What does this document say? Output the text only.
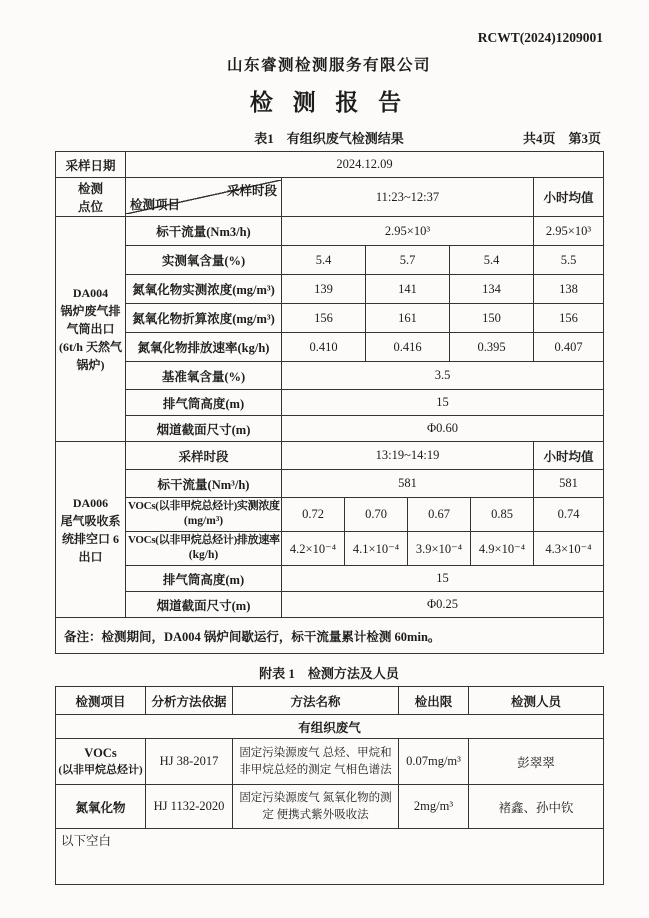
RCWT(2024)1209001
山东睿测检测服务有限公司
检 测 报 告
表1　有组织废气检测结果	共4页　第3页
采样日期	2024.12.09							

检测
点位

采样时段
检测项目
	11:23~12:37	小时均值

DA004
锅炉废气排
气筒出口
(6t/h 天然气
锅炉)	标干流量(Nm3/h)	2.95×10³						2.95×10³
	实测氧含量(%)	5.4		5.7		5.4		5.5
	氮氧化物实测浓度(mg/m³)	139		141		134		138
	氮氧化物折算浓度(mg/m³)	156		161		150		156
	氮氧化物排放速率(kg/h)	0.410		0.416		0.395		0.407
	基准氧含量(%)	3.5						
	排气筒高度(m)	15						
	烟道截面尺寸(m)	Φ0.60						

DA006
尾气吸收系
统排空口 6
出口	采样时段	13:19~14:19						小时均值
	标干流量(Nm³/h)	581						581

	VOCs(以非甲烷总烃计)实测浓度
(mg/m³)	0.72	0.70		0.67		0.85	0.74

	VOCs(以非甲烷总烃计)排放速率
(kg/h)	4.2×10⁻⁴	4.1×10⁻⁴		3.9×10⁻⁴		4.9×10⁻⁴	4.3×10⁻⁴
	排气筒高度(m)	15						
	烟道截面尺寸(m)	Φ0.25						
备注：检测期间，DA004 锅炉间歇运行，标干流量累计检测 60min。								
附表 1　检测方法及人员
检测项目	分析方法依据	方法名称	检出限	检测人员
有组织废气				

VOCs
(以非甲烷总烃计)	HJ 38-2017	固定污染源废气 总烃、甲烷和非甲烷总烃的测定 气相色谱法	0.07mg/m³	彭翠翠
氮氧化物	HJ 1132-2020	固定污染源废气 氮氧化物的测定 便携式紫外吸收法	2mg/m³	褚鑫、孙中钦
以下空白				
